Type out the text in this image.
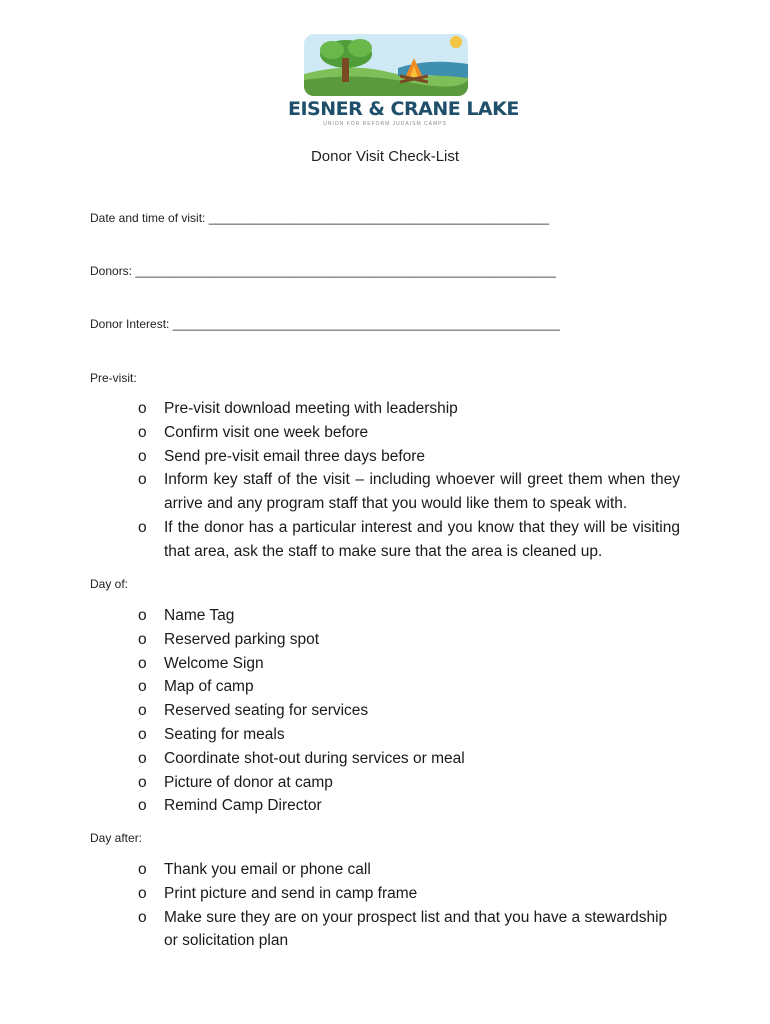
EISNER & CRANE LAKE
UNION FOR REFORM JUDAISM CAMPS
Donor Visit Check-List
Date and time of visit: ___________________________________________________
Donors: _______________________________________________________________
Donor Interest: __________________________________________________________
Pre-visit:
o Pre-visit download meeting with leadership
o Confirm visit one week before
o Send pre-visit email three days before
o Inform key staff of the visit – including whoever will greet them when they arrive and any program staff that you would like them to speak with.
o If the donor has a particular interest and you know that they will be visiting that area, ask the staff to make sure that the area is cleaned up.
Day of:
o Name Tag
o Reserved parking spot
o Welcome Sign
o Map of camp
o Reserved seating for services
o Seating for meals
o Coordinate shot-out during services or meal
o Picture of donor at camp
o Remind Camp Director
Day after:
o Thank you email or phone call
o Print picture and send in camp frame
o Make sure they are on your prospect list and that you have a stewardship or solicitation plan
